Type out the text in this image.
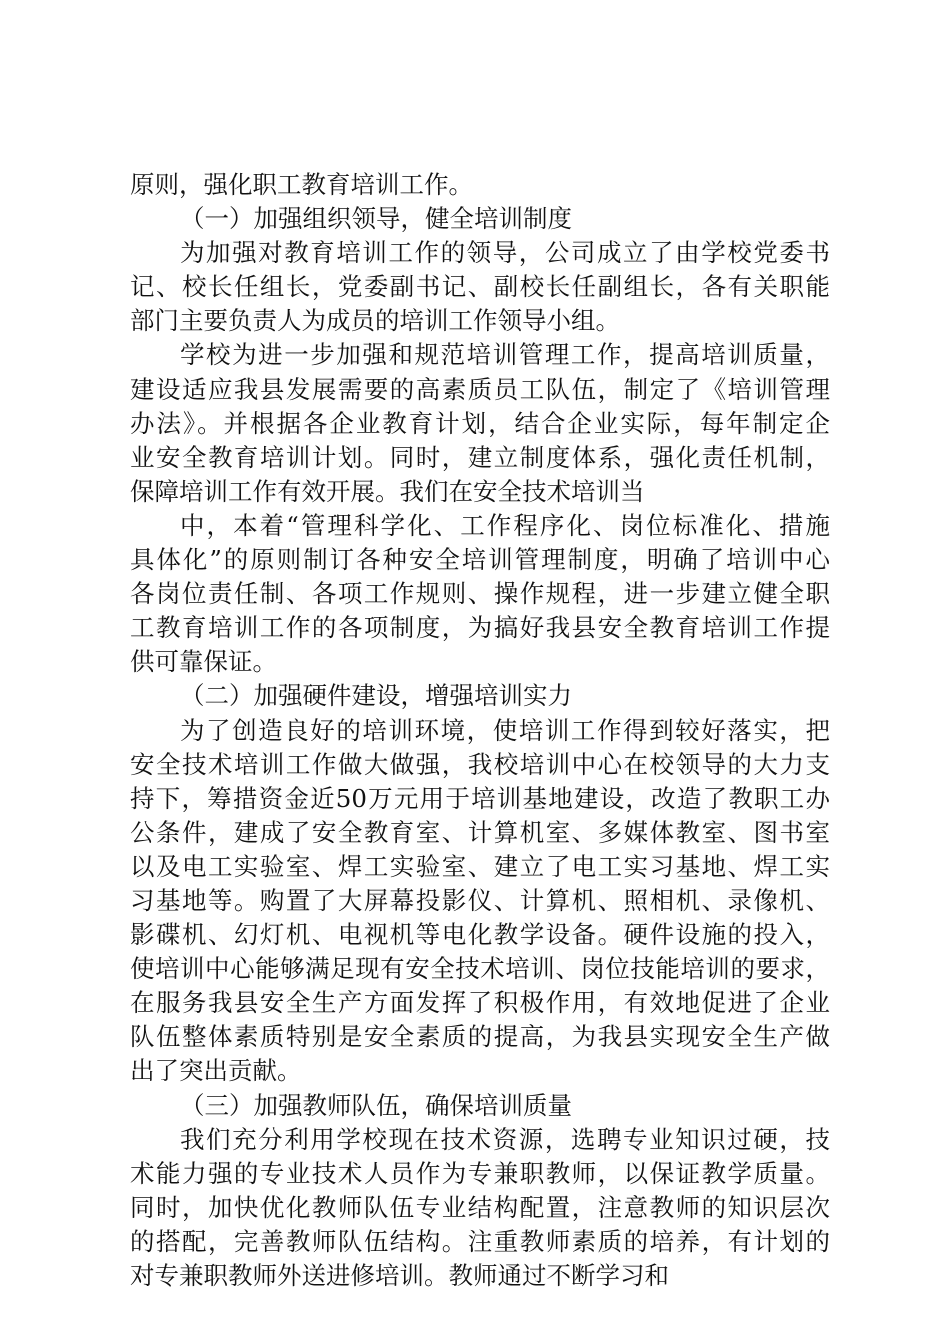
原则，强化职工教育培训工作。
（一）加强组织领导，健全培训制度
为加强对教育培训工作的领导，公司成立了由学校党委书
记、校长任组长，党委副书记、副校长任副组长，各有关职能
部门主要负责人为成员的培训工作领导小组。
学校为进一步加强和规范培训管理工作，提高培训质量，
建设适应我县发展需要的高素质员工队伍，制定了《培训管理
办法》。并根据各企业教育计划，结合企业实际，每年制定企
业安全教育培训计划。同时，建立制度体系，强化责任机制，
保障培训工作有效开展。我们在安全技术培训当
中，本着“管理科学化、工作程序化、岗位标准化、措施
具体化”的原则制订各种安全培训管理制度，明确了培训中心
各岗位责任制、各项工作规则、操作规程，进一步建立健全职
工教育培训工作的各项制度，为搞好我县安全教育培训工作提
供可靠保证。
（二）加强硬件建设，增强培训实力
为了创造良好的培训环境，使培训工作得到较好落实，把
安全技术培训工作做大做强，我校培训中心在校领导的大力支
持下，筹措资金近50万元用于培训基地建设，改造了教职工办
公条件，建成了安全教育室、计算机室、多媒体教室、图书室
以及电工实验室、焊工实验室、建立了电工实习基地、焊工实
习基地等。购置了大屏幕投影仪、计算机、照相机、录像机、
影碟机、幻灯机、电视机等电化教学设备。硬件设施的投入，
使培训中心能够满足现有安全技术培训、岗位技能培训的要求，
在服务我县安全生产方面发挥了积极作用，有效地促进了企业
队伍整体素质特别是安全素质的提高，为我县实现安全生产做
出了突出贡献。
（三）加强教师队伍，确保培训质量
我们充分利用学校现在技术资源，选聘专业知识过硬，技
术能力强的专业技术人员作为专兼职教师，以保证教学质量。
同时，加快优化教师队伍专业结构配置，注意教师的知识层次
的搭配，完善教师队伍结构。注重教师素质的培养，有计划的
对专兼职教师外送进修培训。教师通过不断学习和
